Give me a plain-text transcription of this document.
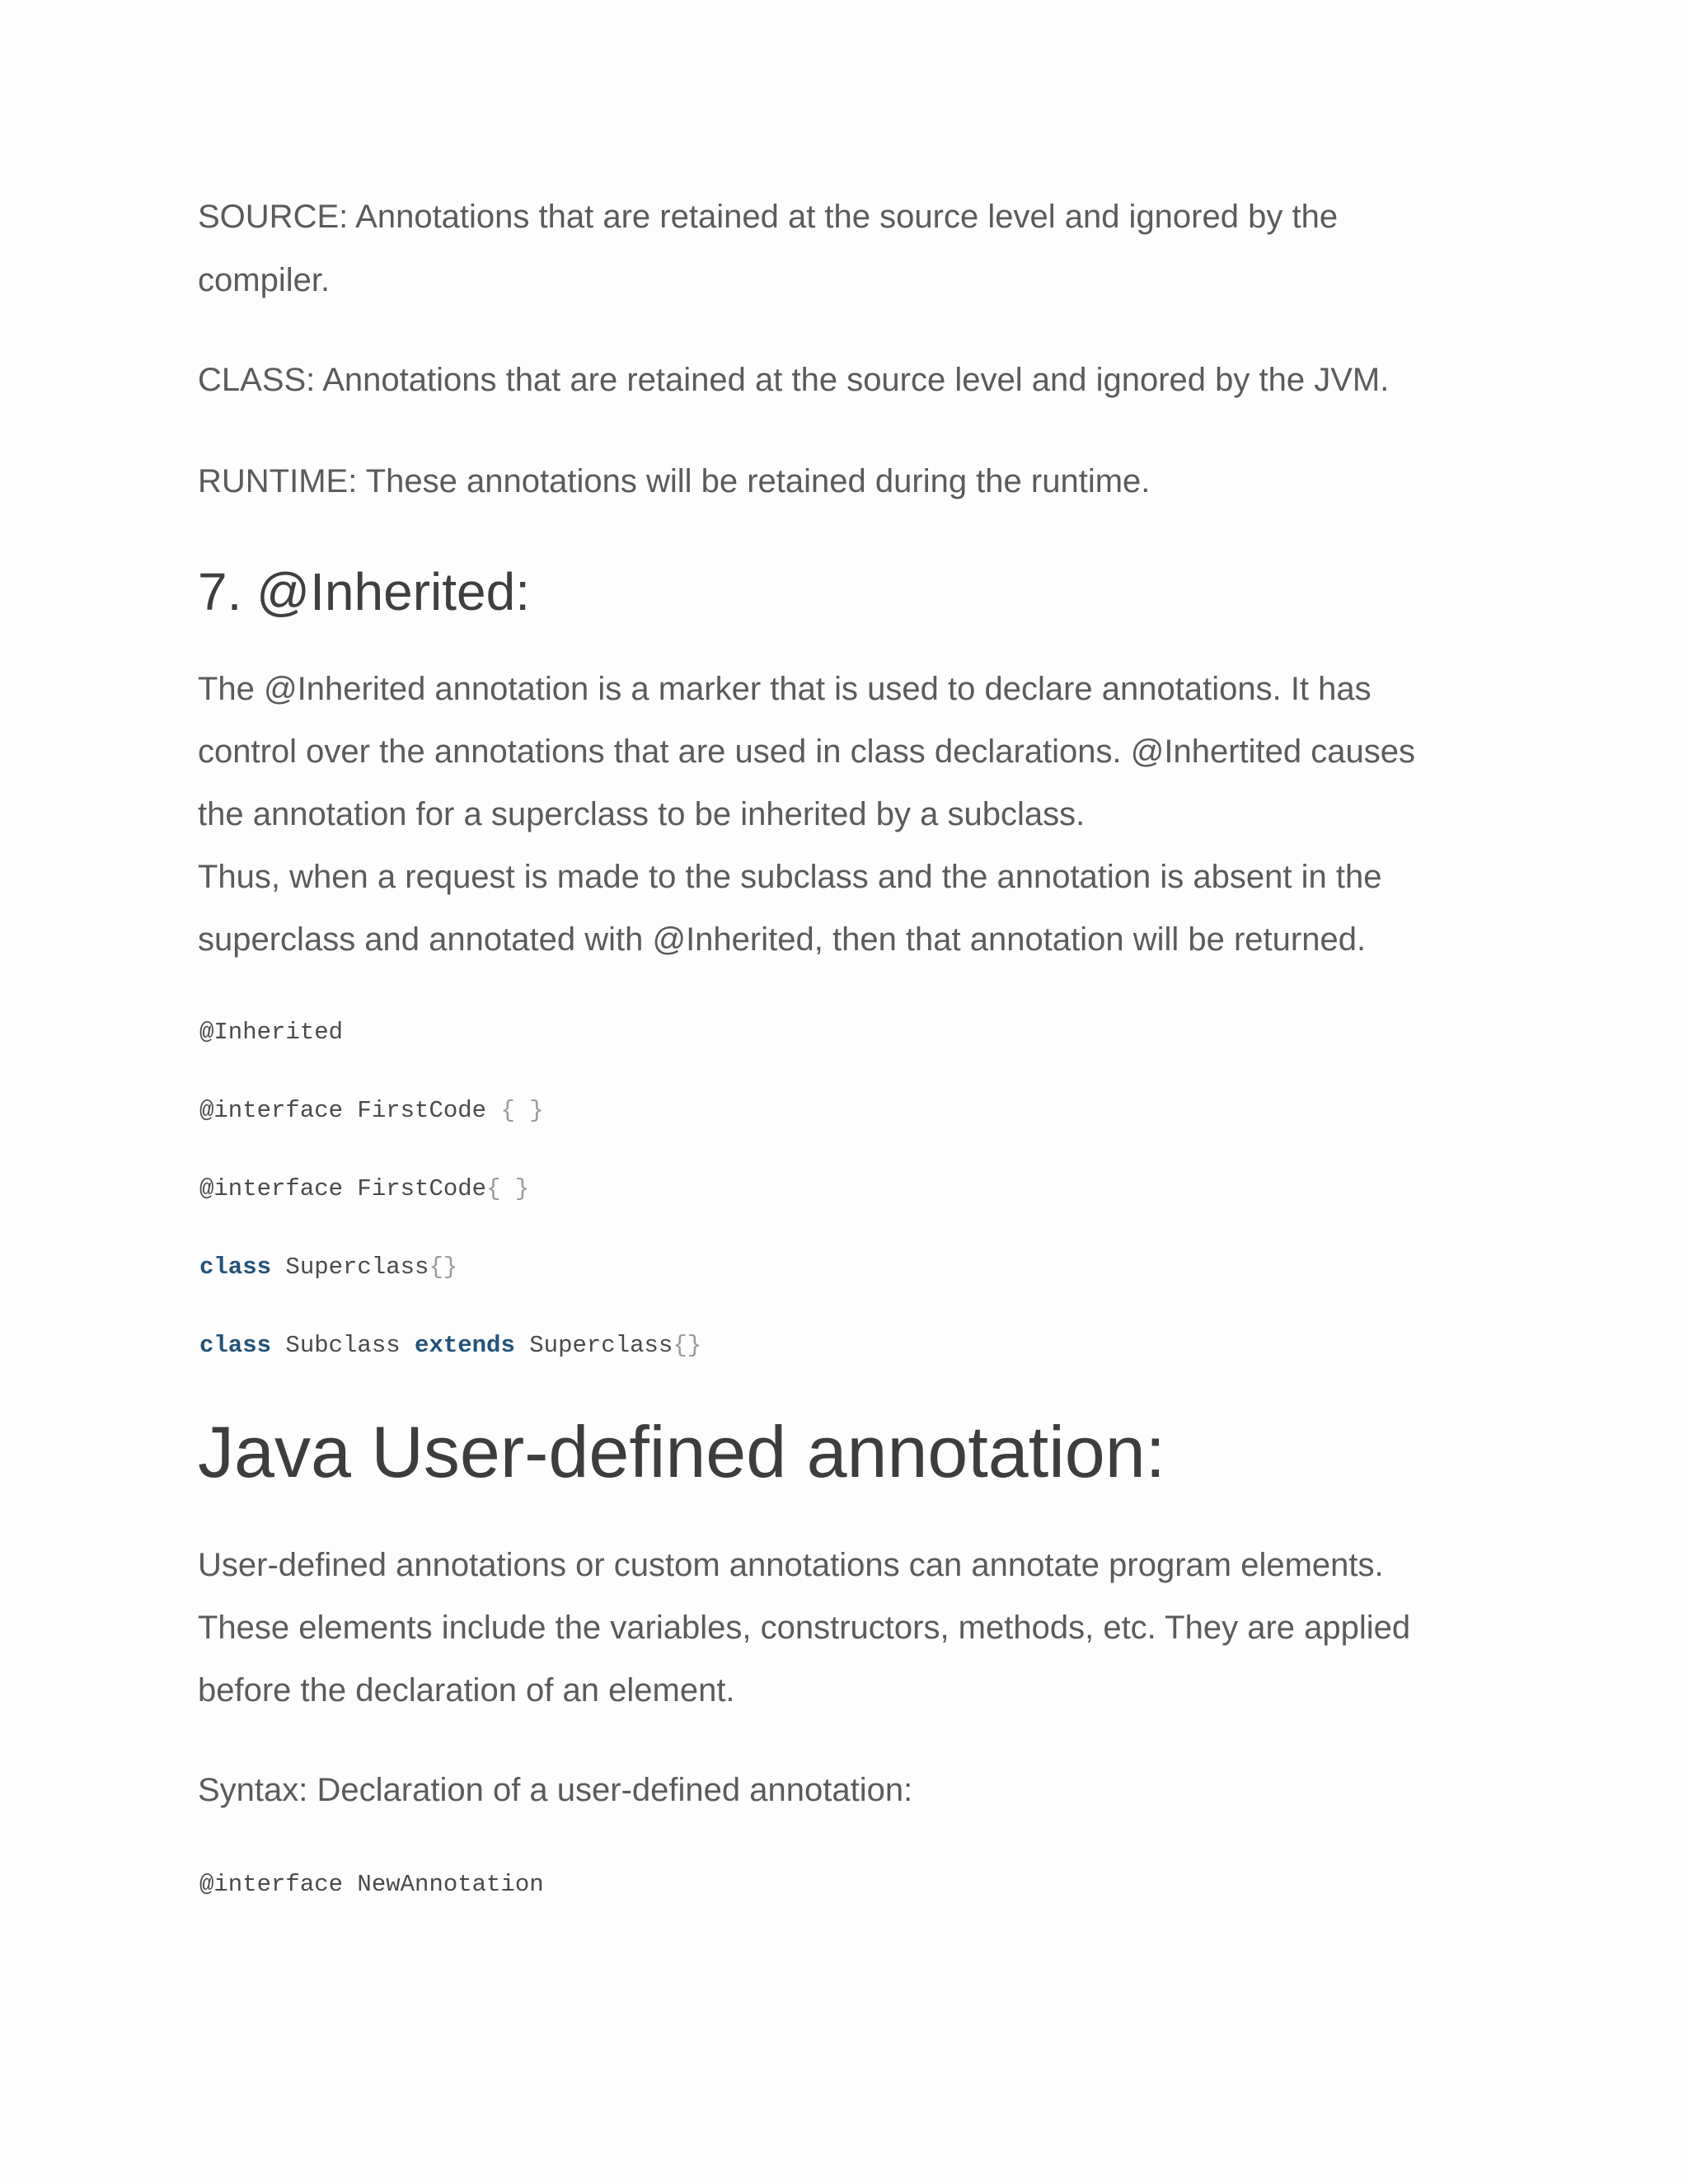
SOURCE: Annotations that are retained at the source level and ignored by the

compiler.

CLASS: Annotations that are retained at the source level and ignored by the JVM.

RUNTIME: These annotations will be retained during the runtime.

7. @Inherited:

The @Inherited annotation is a marker that is used to declare annotations. It has

control over the annotations that are used in class declarations. @Inhertited causes

the annotation for a superclass to be inherited by a subclass.

Thus, when a request is made to the subclass and the annotation is absent in the

superclass and annotated with @Inherited, then that annotation will be returned.

@Inherited
@interface FirstCode { }
@interface FirstCode{ }
class Superclass{}
class Subclass extends Superclass{}
Java User-defined annotation:

User-defined annotations or custom annotations can annotate program elements.

These elements include the variables, constructors, methods, etc. They are applied

before the declaration of an element.

Syntax: Declaration of a user-defined annotation:

@interface NewAnnotation
